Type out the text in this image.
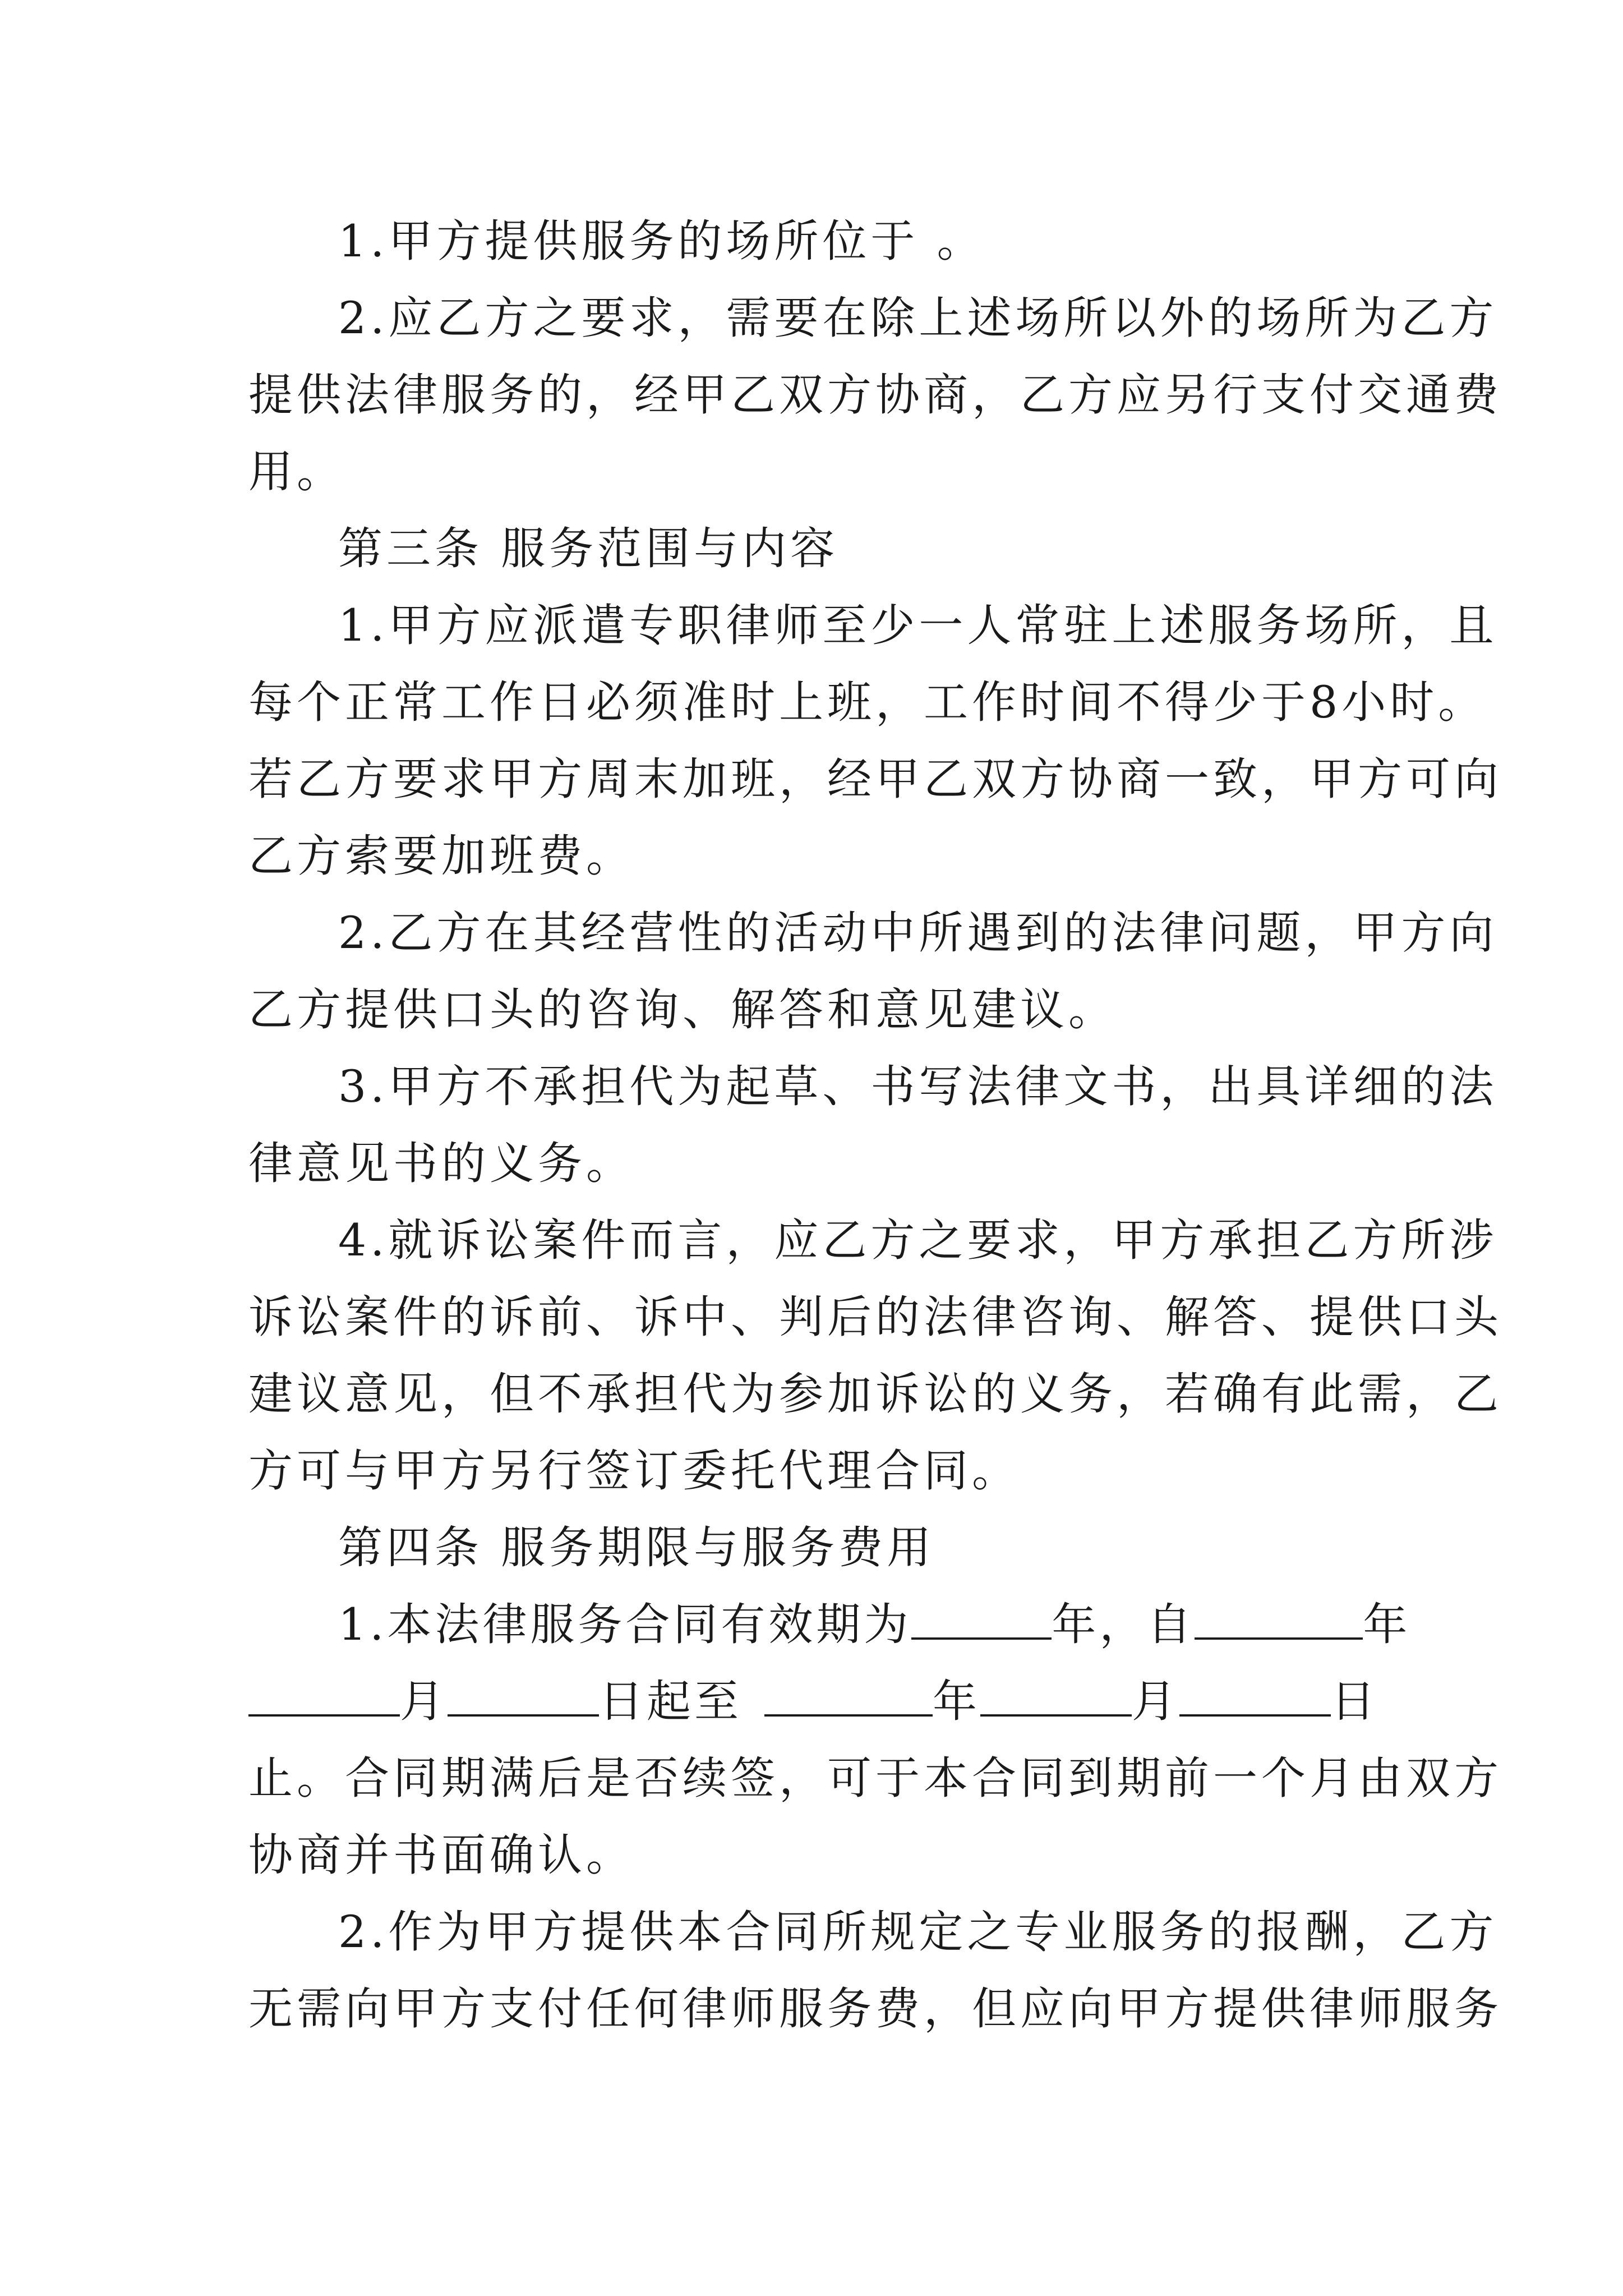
1.甲方提供服务的场所位于 。
2.应乙方之要求，需要在除上述场所以外的场所为乙方
提供法律服务的，经甲乙双方协商，乙方应另行支付交通费
用。
第三条 服务范围与内容
1.甲方应派遣专职律师至少一人常驻上述服务场所，且
每个正常工作日必须准时上班，工作时间不得少于8小时。
若乙方要求甲方周末加班，经甲乙双方协商一致，甲方可向
乙方索要加班费。
2.乙方在其经营性的活动中所遇到的法律问题，甲方向
乙方提供口头的咨询、解答和意见建议。
3.甲方不承担代为起草、书写法律文书，出具详细的法
律意见书的义务。
4.就诉讼案件而言，应乙方之要求，甲方承担乙方所涉
诉讼案件的诉前、诉中、判后的法律咨询、解答、提供口头
建议意见，但不承担代为参加诉讼的义务，若确有此需，乙
方可与甲方另行签订委托代理合同。
第四条 服务期限与服务费用
1.本法律服务合同有效期为	年，自	年
月	日起至	年	月	日
止。合同期满后是否续签，可于本合同到期前一个月由双方
协商并书面确认。
2.作为甲方提供本合同所规定之专业服务的报酬，乙方
无需向甲方支付任何律师服务费，但应向甲方提供律师服务
